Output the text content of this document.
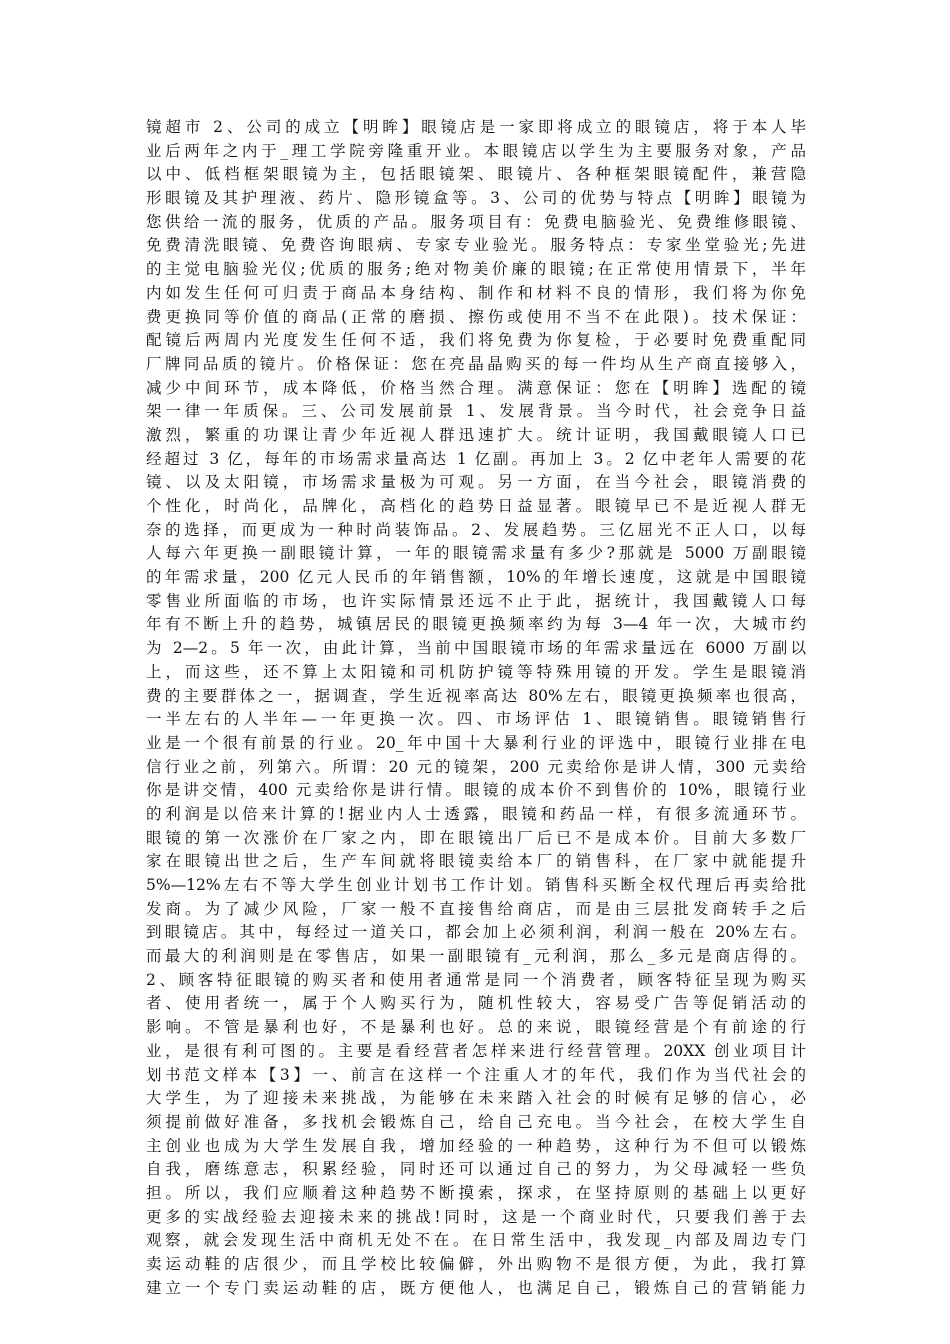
镜超市 2、公司的成立【明眸】眼镜店是一家即将成立的眼镜店，将于本人毕
业后两年之内于_理工学院旁隆重开业。本眼镜店以学生为主要服务对象，产品
以中、低档框架眼镜为主，包括眼镜架、眼镜片、各种框架眼镜配件，兼营隐
形眼镜及其护理液、药片、隐形镜盒等。3、公司的优势与特点【明眸】眼镜为
您供给一流的服务，优质的产品。服务项目有：免费电脑验光、免费维修眼镜、
免费清洗眼镜、免费咨询眼病、专家专业验光。服务特点：专家坐堂验光;先进
的主觉电脑验光仪;优质的服务;绝对物美价廉的眼镜;在正常使用情景下，半年
内如发生任何可归责于商品本身结构、制作和材料不良的情形，我们将为你免
费更换同等价值的商品(正常的磨损、擦伤或使用不当不在此限)。技术保证：
配镜后两周内光度发生任何不适，我们将免费为你复检，于必要时免费重配同
厂牌同品质的镜片。价格保证：您在亮晶晶购买的每一件均从生产商直接够入，
减少中间环节，成本降低，价格当然合理。满意保证：您在【明眸】选配的镜
架一律一年质保。三、公司发展前景 1、发展背景。当今时代，社会竞争日益
激烈，繁重的功课让青少年近视人群迅速扩大。统计证明，我国戴眼镜人口已
经超过 3 亿，每年的市场需求量高达 1 亿副。再加上 3。2 亿中老年人需要的花
镜、以及太阳镜，市场需求量极为可观。另一方面，在当今社会，眼镜消费的
个性化，时尚化，品牌化，高档化的趋势日益显著。眼镜早已不是近视人群无
奈的选择，而更成为一种时尚装饰品。2、发展趋势。三亿屈光不正人口，以每
人每六年更换一副眼镜计算，一年的眼镜需求量有多少?那就是 5000 万副眼镜
的年需求量，200 亿元人民币的年销售额，10%的年增长速度，这就是中国眼镜
零售业所面临的市场，也许实际情景还远不止于此，据统计，我国戴镜人口每
年有不断上升的趋势，城镇居民的眼镜更换频率约为每 3—4 年一次，大城市约
为 2—2。5 年一次，由此计算，当前中国眼镜市场的年需求量远在 6000 万副以
上，而这些，还不算上太阳镜和司机防护镜等特殊用镜的开发。学生是眼镜消
费的主要群体之一，据调查，学生近视率高达 80%左右，眼镜更换频率也很高，
一半左右的人半年—一年更换一次。四、市场评估 1、眼镜销售。眼镜销售行
业是一个很有前景的行业。20_年中国十大暴利行业的评选中，眼镜行业排在电
信行业之前，列第六。所谓：20 元的镜架，200 元卖给你是讲人情，300 元卖给
你是讲交情，400 元卖给你是讲行情。眼镜的成本价不到售价的 10%，眼镜行业
的利润是以倍来计算的!据业内人士透露，眼镜和药品一样，有很多流通环节。
眼镜的第一次涨价在厂家之内，即在眼镜出厂后已不是成本价。目前大多数厂
家在眼镜出世之后，生产车间就将眼镜卖给本厂的销售科，在厂家中就能提升
5%—12%左右不等大学生创业计划书工作计划。销售科买断全权代理后再卖给批
发商。为了减少风险，厂家一般不直接售给商店，而是由三层批发商转手之后
到眼镜店。其中，每经过一道关口，都会加上必须利润，利润一般在 20%左右。
而最大的利润则是在零售店，如果一副眼镜有_元利润，那么_多元是商店得的。
2、顾客特征眼镜的购买者和使用者通常是同一个消费者，顾客特征呈现为购买
者、使用者统一，属于个人购买行为，随机性较大，容易受广告等促销活动的
影响。不管是暴利也好，不是暴利也好。总的来说，眼镜经营是个有前途的行
业，是很有利可图的。主要是看经营者怎样来进行经营管理。20XX 创业项目计
划书范文样本【3】一、前言在这样一个注重人才的年代，我们作为当代社会的
大学生，为了迎接未来挑战，为能够在未来踏入社会的时候有足够的信心，必
须提前做好准备，多找机会锻炼自己，给自己充电。当今社会，在校大学生自
主创业也成为大学生发展自我，增加经验的一种趋势，这种行为不但可以锻炼
自我，磨练意志，积累经验，同时还可以通过自己的努力，为父母减轻一些负
担。所以，我们应顺着这种趋势不断摸索，探求，在坚持原则的基础上以更好
更多的实战经验去迎接未来的挑战!同时，这是一个商业时代，只要我们善于去
观察，就会发现生活中商机无处不在。在日常生活中，我发现_内部及周边专门
卖运动鞋的店很少，而且学校比较偏僻，外出购物不是很方便，为此，我打算
建立一个专门卖运动鞋的店，既方便他人，也满足自己，锻炼自己的营销能力
